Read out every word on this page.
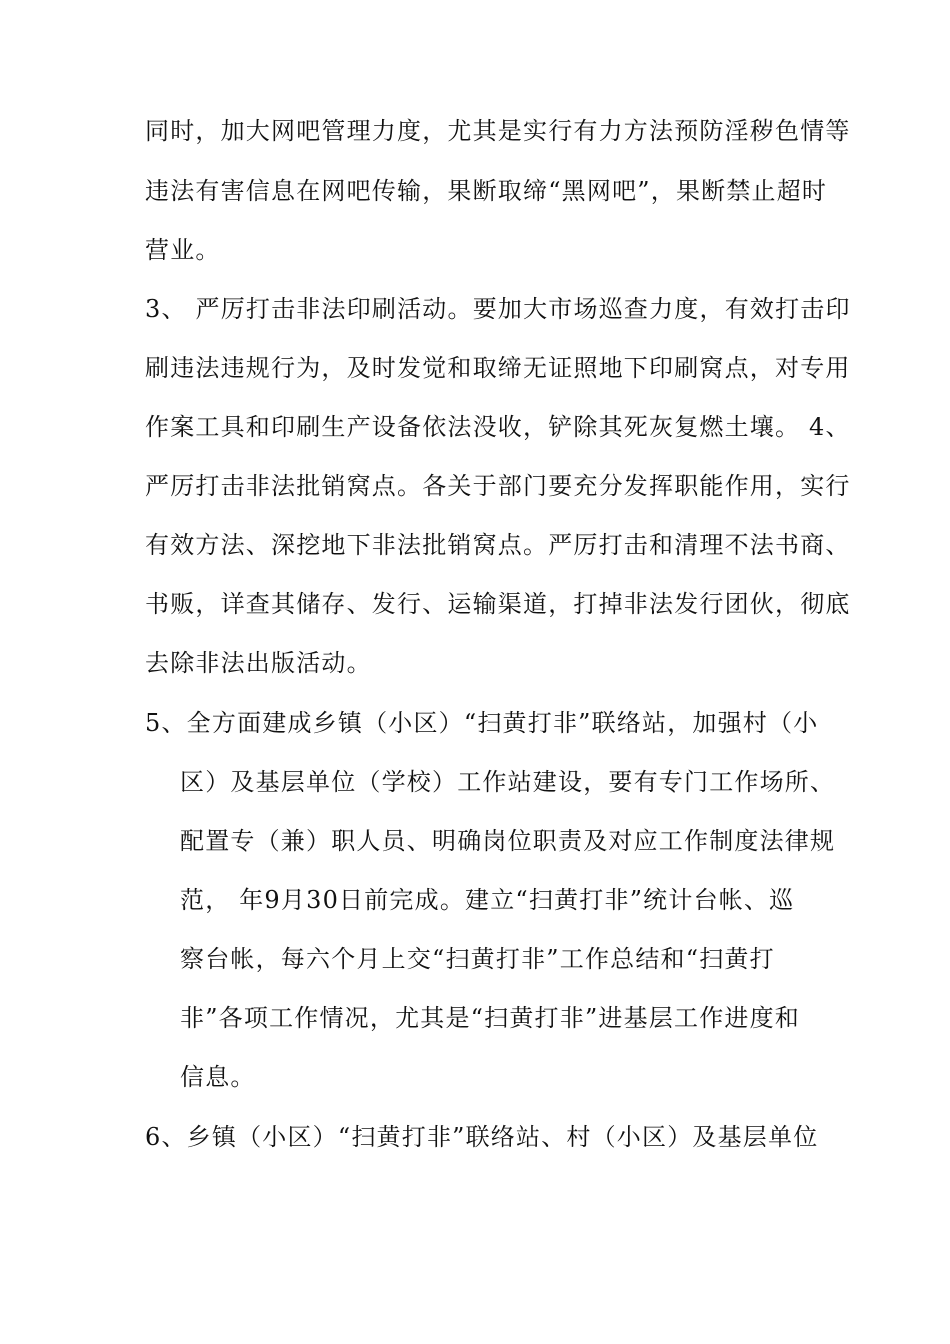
同时，加大网吧管理力度，尤其是实行有力方法预防淫秽色情等
违法有害信息在网吧传输，果断取缔“黑网吧”，果断禁止超时
营业。
3、 严厉打击非法印刷活动。要加大市场巡查力度，有效打击印
刷违法违规行为，及时发觉和取缔无证照地下印刷窝点，对专用
作案工具和印刷生产设备依法没收，铲除其死灰复燃土壤。 4、
严厉打击非法批销窝点。各关于部门要充分发挥职能作用，实行
有效方法、深挖地下非法批销窝点。严厉打击和清理不法书商、
书贩，详查其储存、发行、运输渠道，打掉非法发行团伙，彻底
去除非法出版活动。
5、全方面建成乡镇（小区）“扫黄打非”联络站，加强村（小
区）及基层单位（学校）工作站建设，要有专门工作场所、
配置专（兼）职人员、明确岗位职责及对应工作制度法律规
范， 年9月30日前完成。建立“扫黄打非”统计台帐、巡
察台帐，每六个月上交“扫黄打非”工作总结和“扫黄打
非”各项工作情况，尤其是“扫黄打非”进基层工作进度和
信息。
6、乡镇（小区）“扫黄打非”联络站、村（小区）及基层单位
